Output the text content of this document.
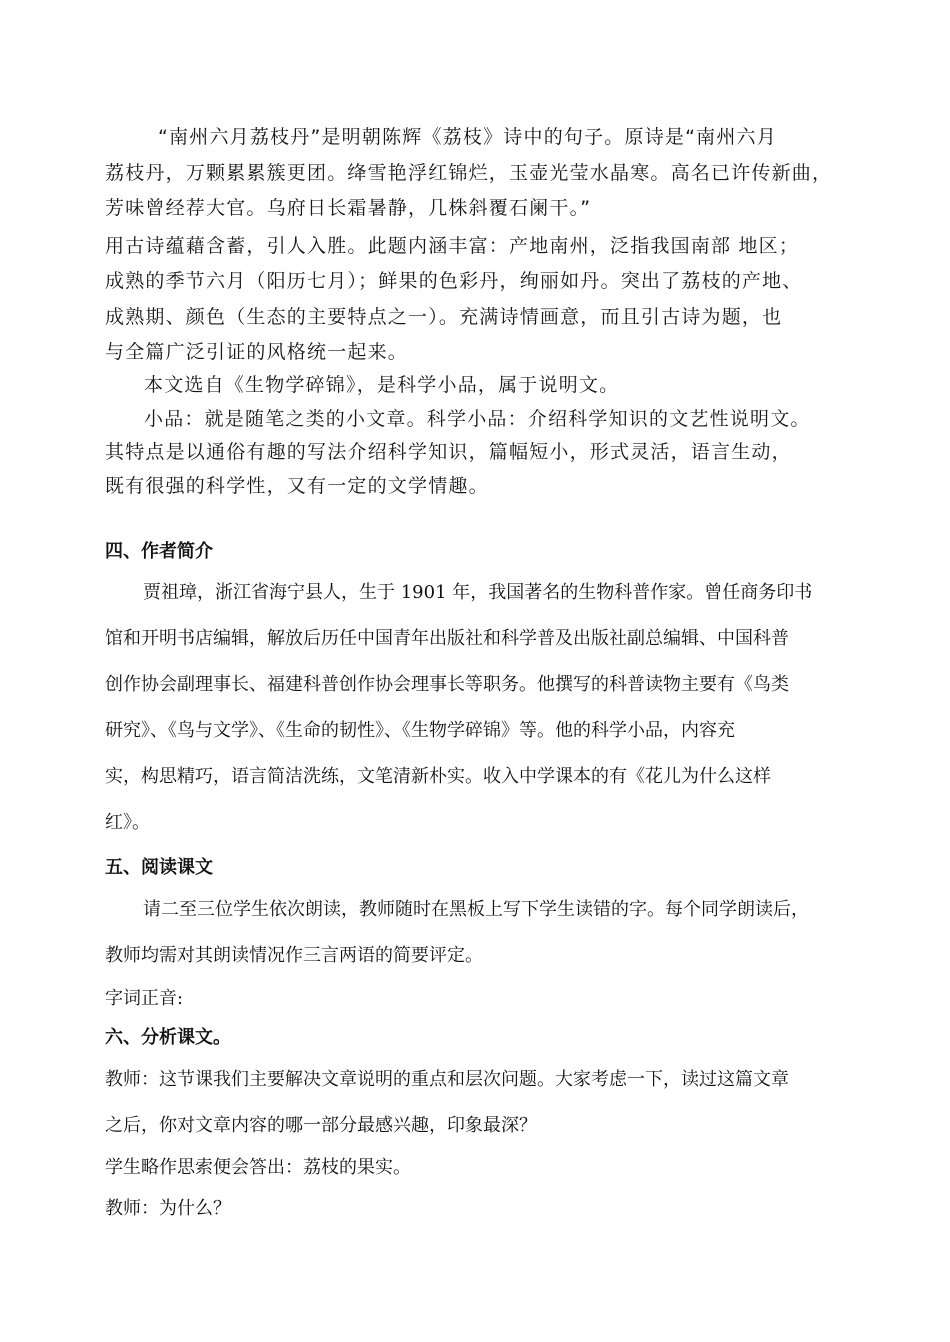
“南州六月荔枝丹”是明朝陈辉《荔枝》诗中的句子。原诗是“南州六月
荔枝丹，万颗累累簇更团。绛雪艳浮红锦烂，玉壶光莹水晶寒。高名已许传新曲，
芳味曾经荐大官。乌府日长霜暑静，几株斜覆石阑干。”
用古诗蕴藉含蓄，引人入胜。此题内涵丰富：产地南州，泛指我国南部 地区；
成熟的季节六月（阳历七月）；鲜果的色彩丹，绚丽如丹。突出了荔枝的产地、
成熟期、颜色（生态的主要特点之一）。充满诗情画意，而且引古诗为题，也
与全篇广泛引证的风格统一起来。
本文选自《生物学碎锦》，是科学小品，属于说明文。
小品：就是随笔之类的小文章。科学小品：介绍科学知识的文艺性说明文。
其特点是以通俗有趣的写法介绍科学知识，篇幅短小，形式灵活，语言生动，
既有很强的科学性，又有一定的文学情趣。
四、作者简介
贾祖璋，浙江省海宁县人，生于 1901 年，我国著名的生物科普作家。曾任商务印书
馆和开明书店编辑，解放后历任中国青年出版社和科学普及出版社副总编辑、中国科普
创作协会副理事长、福建科普创作协会理事长等职务。他撰写的科普读物主要有《鸟类
研究》、《鸟与文学》、《生命的韧性》、《生物学碎锦》等。他的科学小品，内容充
实，构思精巧，语言简洁洗练，文笔清新朴实。收入中学课本的有《花儿为什么这样
红》。
五、阅读课文
请二至三位学生依次朗读，教师随时在黑板上写下学生读错的字。每个同学朗读后，
教师均需对其朗读情况作三言两语的简要评定。
字词正音:
六、分析课文。
教师：这节课我们主要解决文章说明的重点和层次问题。大家考虑一下，读过这篇文章
之后，你对文章内容的哪一部分最感兴趣，印象最深？
学生略作思索便会答出：荔枝的果实。
教师：为什么？
